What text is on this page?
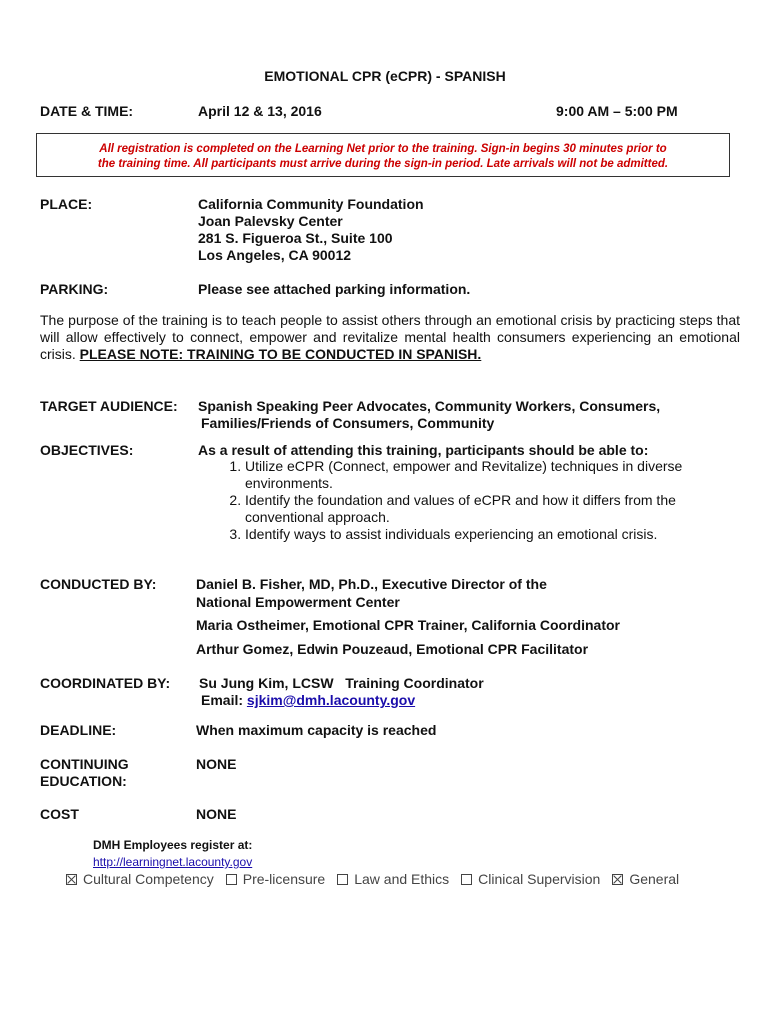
EMOTIONAL CPR (eCPR) - SPANISH
DATE & TIME:	April 12 & 13, 2016	9:00 AM – 5:00 PM
All registration is completed on the Learning Net prior to the training. Sign-in begins 30 minutes prior to
the training time. All participants must arrive during the sign-in period. Late arrivals will not be admitted.
PLACE:	California Community Foundation
Joan Palevsky Center
281 S. Figueroa St., Suite 100
Los Angeles, CA 90012
PARKING:	Please see attached parking information.
The purpose of the training is to teach people to assist others through an emotional crisis by practicing steps that will allow effectively to connect, empower and revitalize mental health consumers experiencing an emotional crisis. PLEASE NOTE: TRAINING TO BE CONDUCTED IN SPANISH.
TARGET AUDIENCE: Spanish Speaking Peer Advocates, Community Workers, Consumers,
Families/Friends of Consumers, Community
OBJECTIVES:	As a result of attending this training, participants should be able to:
1. Utilize eCPR (Connect, empower and Revitalize) techniques in diverse environments.
2. Identify the foundation and values of eCPR and how it differs from the conventional approach.
3. Identify ways to assist individuals experiencing an emotional crisis.
CONDUCTED BY:	Daniel B. Fisher, MD, Ph.D., Executive Director of the
National Empowerment Center
Maria Ostheimer, Emotional CPR Trainer, California Coordinator
Arthur Gomez, Edwin Pouzeaud, Emotional CPR Facilitator
COORDINATED BY: Su Jung Kim, LCSW   Training Coordinator
Email: sjkim@dmh.lacounty.gov
DEADLINE:	When maximum capacity is reached
CONTINUING
EDUCATION:
NONE
COST	NONE
DMH Employees register at:
http://learningnet.lacounty.gov
Cultural Competency Pre-licensure Law and Ethics Clinical Supervision General
